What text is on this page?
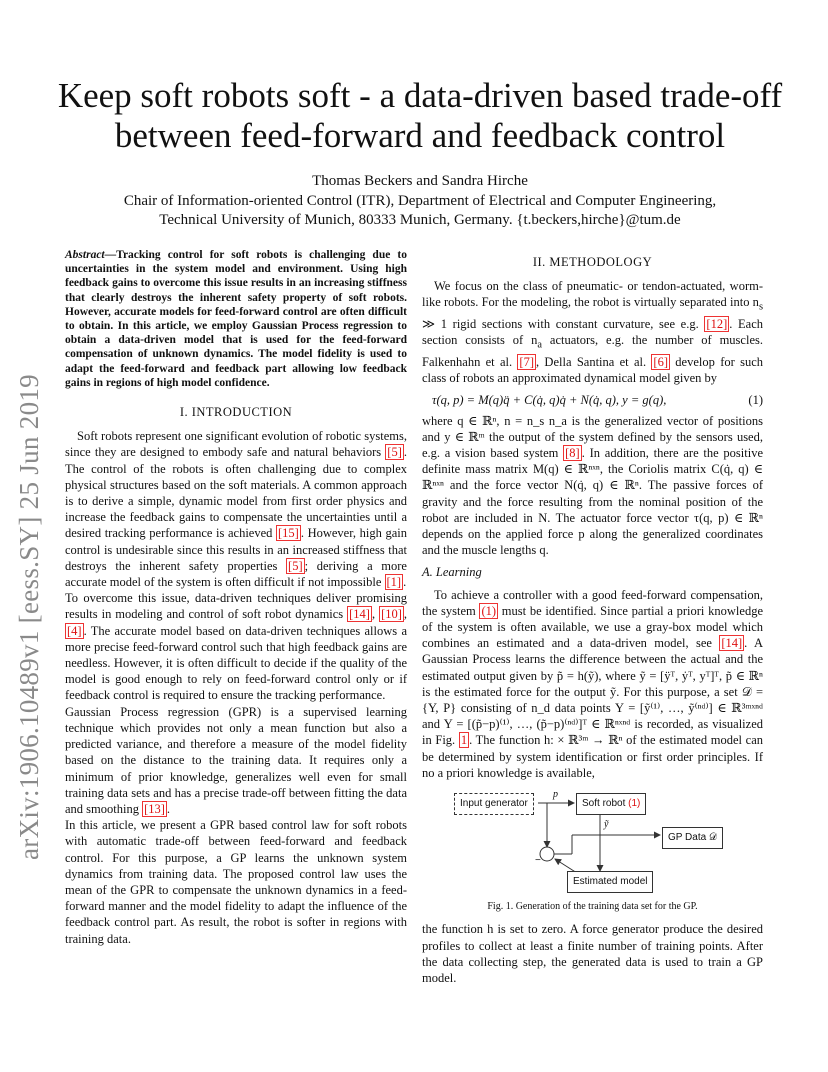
arXiv:1906.10489v1 [eess.SY] 25 Jun 2019
Keep soft robots soft - a data-driven based trade-off between feed-forward and feedback control
Thomas Beckers and Sandra Hirche
Chair of Information-oriented Control (ITR), Department of Electrical and Computer Engineering,
Technical University of Munich, 80333 Munich, Germany. {t.beckers,hirche}@tum.de
Abstract—Tracking control for soft robots is challenging due to uncertainties in the system model and environment. Using high feedback gains to overcome this issue results in an increasing stiffness that clearly destroys the inherent safety property of soft robots. However, accurate models for feed-forward control are often difficult to obtain. In this article, we employ Gaussian Process regression to obtain a data-driven model that is used for the feed-forward compensation of unknown dynamics. The model fidelity is used to adapt the feed-forward and feedback part allowing low feedback gains in regions of high model confidence.
I. INTRODUCTION

Soft robots represent one significant evolution of robotic systems, since they are designed to embody safe and natural behaviors [5] . The control of the robots is often challenging due to complex physical structures based on the soft materials. A common approach is to derive a simple, dynamic model from first order physics and increase the feedback gains to compensate the uncertainties until a desired tracking performance is achieved [15] . However, high gain control is undesirable since this results in an increased stiffness that destroys the inherent safety properties [5] ; deriving a more accurate model of the system is often difficult if not impossible [1] .

To overcome this issue, data-driven techniques deliver promising results in modeling and control of soft robot dynamics [14] , [10] , [4] . The accurate model based on data-driven techniques allows a more precise feed-forward control such that high feedback gains are needless. However, it is often difficult to decide if the quality of the model is good enough to rely on feed-forward control only or if feedback control is required to ensure the tracking performance.

Gaussian Process regression (GPR) is a supervised learning technique which provides not only a mean function but also a predicted variance, and therefore a measure of the model fidelity based on the distance to the training data. It requires only a minimum of prior knowledge, generalizes well even for small training data sets and has a precise trade-off between fitting the data and smoothing [13] .

In this article, we present a GPR based control law for soft robots with automatic trade-off between feed-forward and feedback control. For this purpose, a GP learns the unknown system dynamics from training data. The proposed control law uses the mean of the GPR to compensate the unknown dynamics in a feed-forward manner and the model fidelity to adapt the influence of the feedback control part. As result, the robot is softer in regions with training data.

II. METHODOLOGY

We focus on the class of pneumatic- or tendon-actuated, worm-like robots. For the modeling, the robot is virtually separated into $n_s$ ≫ 1 rigid sections with constant curvature, see e.g. [12] . Each section consists of $n_a$ actuators, e.g. the number of muscles. Falkenhahn et al. [7] , Della Santina et al. [6] develop for such class of robots an approximated dynamical model given by

τ(q, p) = M(q)q̈ + C(q̇, q)q̇ + N(q̇, q), y = g(q),	(1)

where q ∈ ℝⁿ, n = n_s n_a is the generalized vector of positions and y ∈ ℝᵐ the output of the system defined by the sensors used, e.g. a vision based system [8] . In addition, there are the positive definite mass matrix M(q) ∈ ℝⁿˣⁿ, the Coriolis matrix C(q̇, q) ∈ ℝⁿˣⁿ and the force vector N(q̇, q) ∈ ℝⁿ. The passive forces of gravity and the force resulting from the nominal position of the robot are included in N. The actuator force vector τ(q, p) ∈ ℝⁿ depends on the applied force p along the generalized coordinates and the muscle lengths q.

A. Learning

To achieve a controller with a good feed-forward compensation, the system (1) must be identified. Since partial a priori knowledge of the system is often available, we use a gray-box model which combines an estimated and a data-driven model, see [14] . A Gaussian Process learns the difference between the actual and the estimated output given by p̃ = h(ỹ), where ỹ = [ÿᵀ, ẏᵀ, yᵀ]ᵀ, p̃ ∈ ℝⁿ is the estimated force for the output ỹ. For this purpose, a set 𝒟 = {Y, P} consisting of n_d data points Y = [ỹ⁽¹⁾, …, ỹ⁽ⁿᵈ⁾] ∈ ℝ³ᵐˣⁿᵈ and Y = [(p̃−p)⁽¹⁾, …, (p̃−p)⁽ⁿᵈ⁾]ᵀ ∈ ℝⁿˣⁿᵈ is recorded, as visualized in Fig. 1 . The function h: × ℝ³ᵐ → ℝⁿ of the estimated model can be determined by system identification or first order principles. If no a priori knowledge is available,

Input generator	Soft robot (1)
GP Data 𝒟
Estimated model
p
ỹ
−
Fig. 1. Generation of the training data set for the GP.

the function h is set to zero. A force generator produce the desired profiles to collect at least a finite number of training points. After the data collecting step, the generated data is used to train a GP model.
